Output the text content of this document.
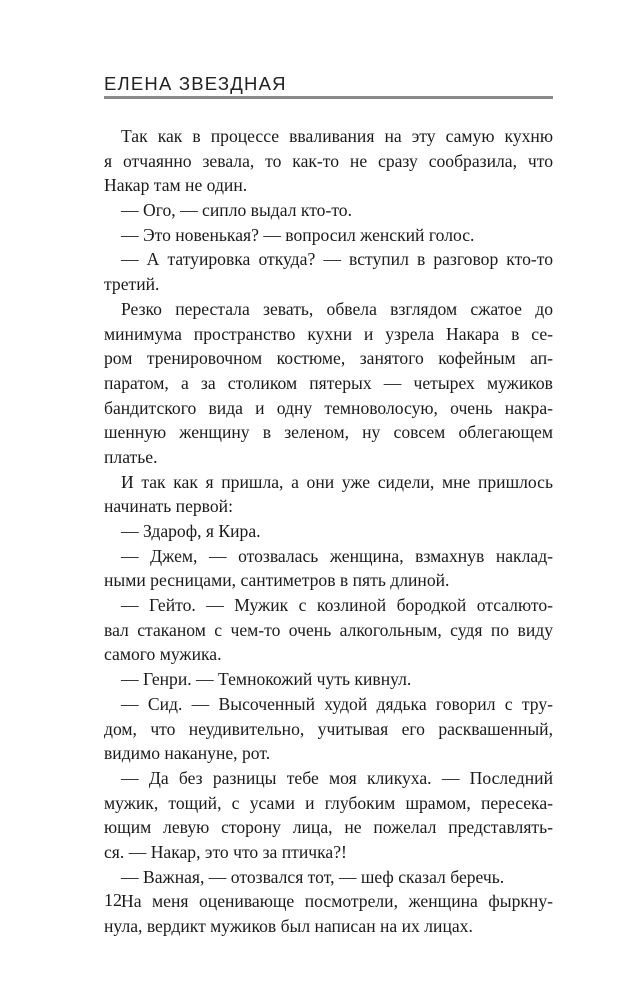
ЕЛЕНА ЗВЕЗДНАЯ
Так как в процессе вваливания на эту самую кухню
я отчаянно зевала, то как-то не сразу сообразила, что
Накар там не один.
— Ого, — сипло выдал кто-то.
— Это новенькая? — вопросил женский голос.
— А татуировка откуда? — вступил в разговор кто-то
третий.
Резко перестала зевать, обвела взглядом сжатое до
минимума пространство кухни и узрела Накара в се-
ром тренировочном костюме, занятого кофейным ап-
паратом, а за столиком пятерых — четырех мужиков
бандитского вида и одну темноволосую, очень накра-
шенную женщину в зеленом, ну совсем облегающем
платье.
И так как я пришла, а они уже сидели, мне пришлось
начинать первой:
— Здароф, я Кира.
— Джем, — отозвалась женщина, взмахнув наклад-
ными ресницами, сантиметров в пять длиной.
— Гейто. — Мужик с козлиной бородкой отсалюто-
вал стаканом с чем-то очень алкогольным, судя по виду
самого мужика.
— Генри. — Темнокожий чуть кивнул.
— Сид. — Высоченный худой дядька говорил с тру-
дом, что неудивительно, учитывая его расквашенный,
видимо накануне, рот.
— Да без разницы тебе моя кликуха. — Последний
мужик, тощий, с усами и глубоким шрамом, пересека-
ющим левую сторону лица, не пожелал представлять-
ся. — Накар, это что за птичка?!
— Важная, — отозвался тот, — шеф сказал беречь.
На меня оценивающе посмотрели, женщина фыркну-
нула, вердикт мужиков был написан на их лицах.
12
